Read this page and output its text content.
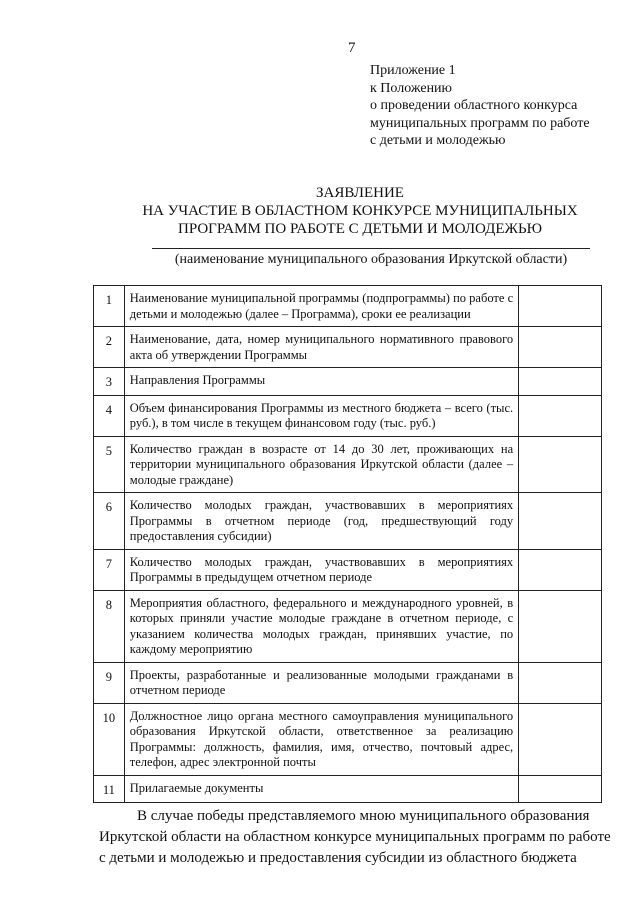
7
Приложение 1
к Положению
о проведении областного конкурса
муниципальных программ по работе
с детьми и молодежью
ЗАЯВЛЕНИЕ
НА УЧАСТИЕ В ОБЛАСТНОМ КОНКУРСЕ МУНИЦИПАЛЬНЫХ
ПРОГРАММ ПО РАБОТЕ С ДЕТЬМИ И МОЛОДЕЖЬЮ
(наименование муниципального образования Иркутской области)
1	Наименование муниципальной программы (подпрограммы) по работе с детьми и молодежью (далее – Программа), сроки ее реализации	
2	Наименование, дата, номер муниципального нормативного правового акта об утверждении Программы	
3	Направления Программы	
4	Объем финансирования Программы из местного бюджета – всего (тыс. руб.), в том числе в текущем финансовом году (тыс. руб.)	
5	Количество граждан в возрасте от 14 до 30 лет, проживающих на территории муниципального образования Иркутской области (далее – молодые граждане)	
6	Количество молодых граждан, участвовавших в мероприятиях Программы в отчетном периоде (год, предшествующий году предоставления субсидии)	
7	Количество молодых граждан, участвовавших в мероприятиях Программы в предыдущем отчетном периоде	
8	Мероприятия областного, федерального и международного уровней, в которых приняли участие молодые граждане в отчетном периоде, с указанием количества молодых граждан, принявших участие, по каждому мероприятию	
9	Проекты, разработанные и реализованные молодыми гражданами в отчетном периоде	
10	Должностное лицо органа местного самоуправления муниципального образования Иркутской области, ответственное за реализацию Программы: должность, фамилия, имя, отчество, почтовый адрес, телефон, адрес электронной почты	
11	Прилагаемые документы	
В случае победы представляемого мною муниципального образования
Иркутской области на областном конкурсе муниципальных программ по работе
с детьми и молодежью и предоставления субсидии из областного бюджета
